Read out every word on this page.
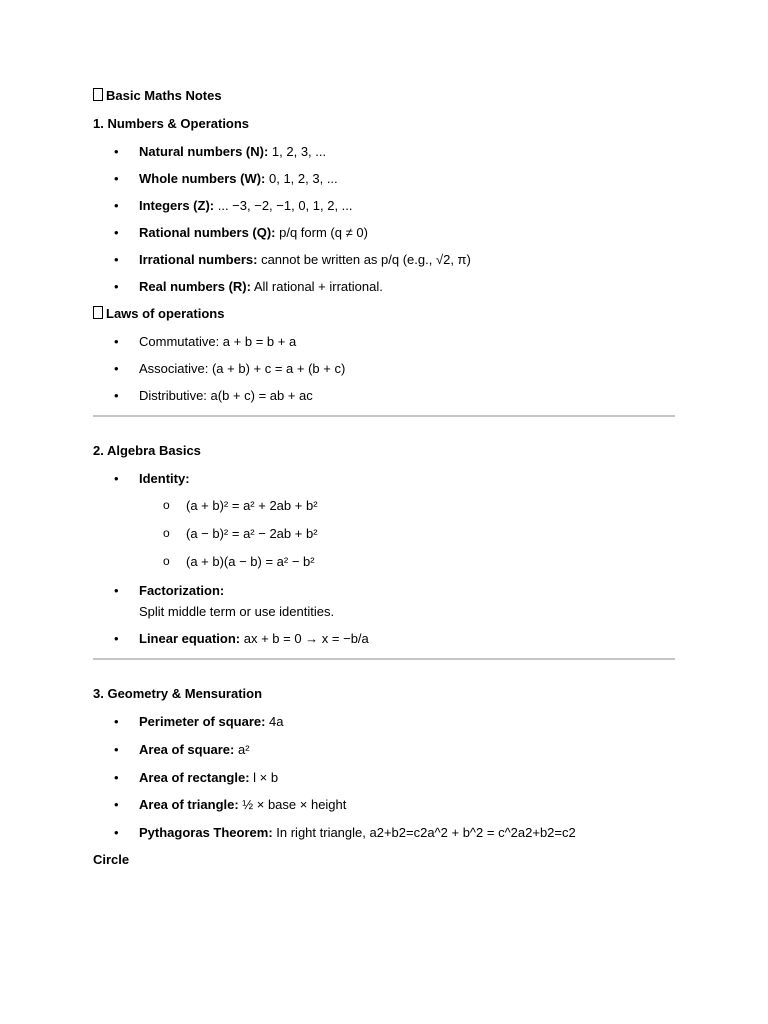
Basic Maths Notes
1. Numbers & Operations
• Natural numbers (N): 1, 2, 3, ...
• Whole numbers (W): 0, 1, 2, 3, ...
• Integers (Z): ... −3, −2, −1, 0, 1, 2, ...
• Rational numbers (Q): p/q form (q ≠ 0)
• Irrational numbers: cannot be written as p/q (e.g., √2, π)
• Real numbers (R): All rational + irrational.
Laws of operations
• Commutative: a + b = b + a
• Associative: (a + b) + c = a + (b + c)
• Distributive: a(b + c) = ab + ac
2. Algebra Basics
• Identity:
o (a + b)² = a² + 2ab + b²
o (a − b)² = a² − 2ab + b²
o (a + b)(a − b) = a² − b²
• Factorization:
Split middle term or use identities.
• Linear equation: ax + b = 0 → x = −b/a
3. Geometry & Mensuration
• Perimeter of square: 4a
• Area of square: a²
• Area of rectangle: l × b
• Area of triangle: ½ × base × height
• Pythagoras Theorem: In right triangle, a2+b2=c2a^2 + b^2 = c^2a2+b2=c2
Circle
